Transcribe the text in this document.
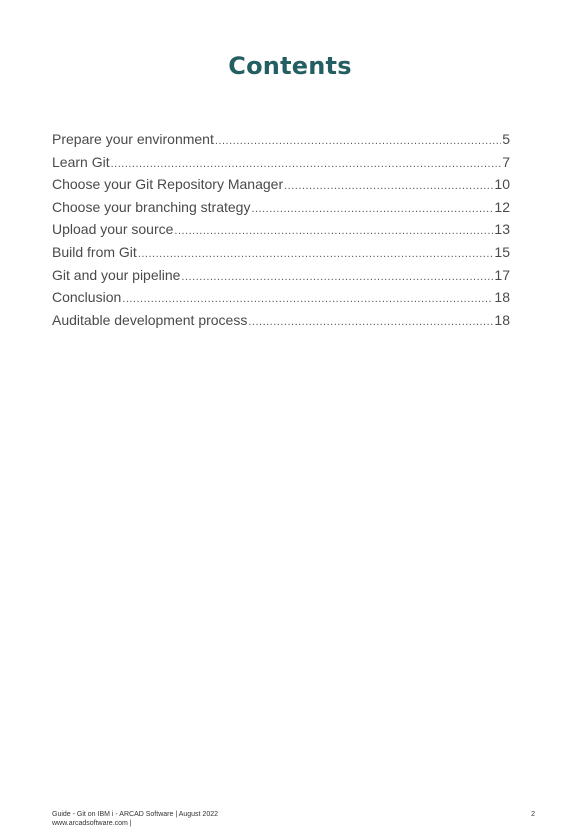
Contents
Prepare your environment .....	5
Learn Git .....	7
Choose your Git Repository Manager .....	10
Choose your branching strategy .....	12
Upload your source .....	13
Build from Git .....	15
Git and your pipeline .....	17
Conclusion .....	18
Auditable development process .....	18
Guide - Git on IBM i - ARCAD Software | August 2022
www.arcadsoftware.com |
2
